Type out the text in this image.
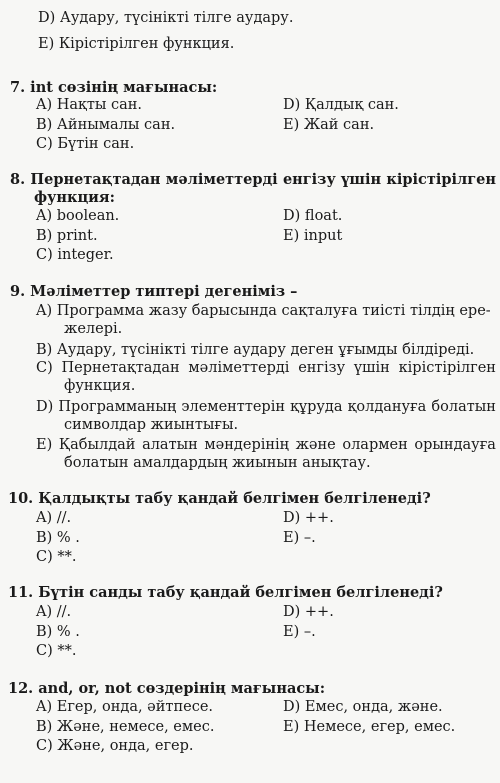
D) Аудару, түсінікті тілге аудару.
E) Кірістірілген функция.
7. int сөзінің мағынасы:
A) Нақты сан.	D) Қалдық сан.
B) Айнымалы сан.	E) Жай сан.
C) Бүтін сан.
8. Пернетақтадан мәліметтерді енгізу үшін кірістірілген
функция:
A) boolean.	D) float.
B) print.	E) input
C) integer.
9. Мәліметтер типтері дегеніміз –
A) Программа жазу барысында сақталуға тиісті тілдің ере-
желері.
B) Аудару, түсінікті тілге аудару деген ұғымды білдіреді.
C) Пернетақтадан мәліметтерді енгізу үшін кірістірілген
функция.
D) Программаның элементтерін құруда қолдануға болатын
символдар жиынтығы.
E) Қабылдай алатын мәндерінің және олармен орындауға
болатын амалдардың жиынын анықтау.
10. Қалдықты табу қандай белгімен белгіленеді?
A) //.	D) ++.
B) % .	E) –.
C) **.
11. Бүтін санды табу қандай белгімен белгіленеді?
A) //.	D) ++.
B) % .	E) –.
C) **.
12. and, or, not сөздерінің мағынасы:
A) Егер, онда, әйтпесе.	D) Емес, онда, және.
B) Және, немесе, емес.	E) Немесе, егер, емес.
C) Және, онда, егер.
